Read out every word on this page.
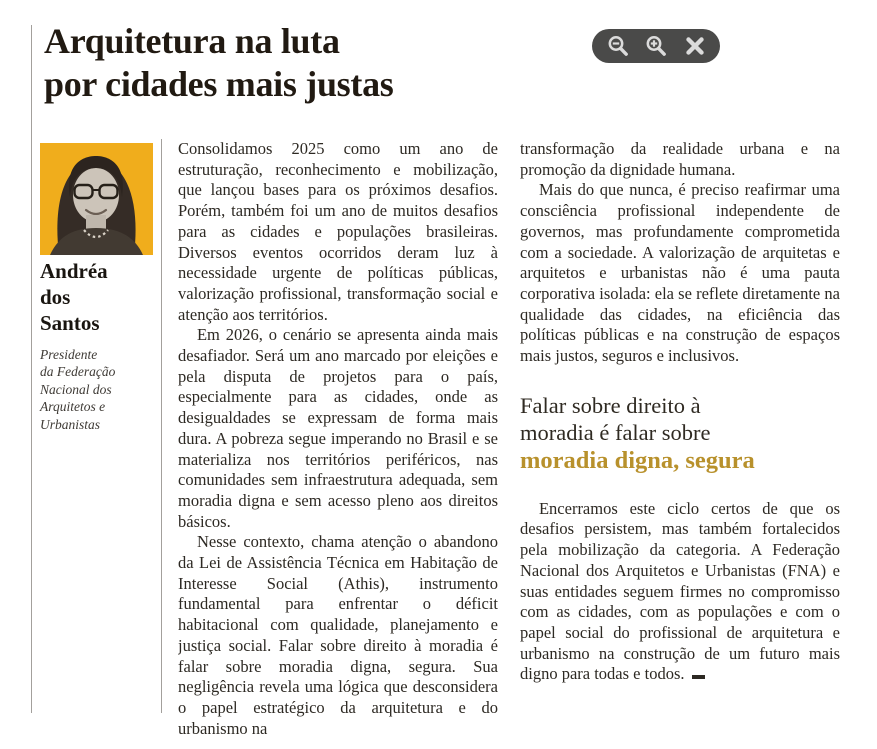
Arquitetura na luta
por cidades mais justas
Andréa
dos
Santos
Presidente
da Federação
Nacional dos
Arquitetos e
Urbanistas

Consolidamos 2025 como um ano de estruturação, reconhecimento e mobilização, que lançou bases para os próximos desafios. Porém, também foi um ano de muitos desafios para as cidades e populações brasileiras. Diversos eventos ocorridos deram luz à necessidade urgente de políticas públicas, valorização profissional, transformação social e atenção aos territórios.

Em 2026, o cenário se apresenta ainda mais desafiador. Será um ano marcado por eleições e pela disputa de projetos para o país, especialmente para as cidades, onde as desigualdades se expressam de forma mais dura. A pobreza segue imperando no Brasil e se materializa nos territórios periféricos, nas comunidades sem infraestrutura adequada, sem moradia digna e sem acesso pleno aos direitos básicos.

Nesse contexto, chama atenção o abandono da Lei de Assistência Técnica em Habitação de Interesse Social (Athis), instrumento fundamental para enfrentar o déficit habitacional com qualidade, planejamento e justiça social. Falar sobre direito à moradia é falar sobre moradia digna, segura. Sua negligência revela uma lógica que desconsidera o papel estratégico da arquitetura e do urbanismo na

transformação da realidade urbana e na promoção da dignidade humana.

Mais do que nunca, é preciso reafirmar uma consciência profissional independente de governos, mas profundamente comprometida com a sociedade. A valorização de arquitetas e arquitetos e urbanistas não é uma pauta corporativa isolada: ela se reflete diretamente na qualidade das cidades, na eficiência das políticas públicas e na construção de espaços mais justos, seguros e inclusivos.

Falar sobre direito à
moradia é falar sobre
moradia digna, segura

Encerramos este ciclo certos de que os desafios persistem, mas também fortalecidos pela mobilização da categoria. A Federação Nacional dos Arquitetos e Urbanistas (FNA) e suas entidades seguem firmes no compromisso com as cidades, com as populações e com o papel social do profissional de arquitetura e urbanismo na construção de um futuro mais digno para todas e todos.
